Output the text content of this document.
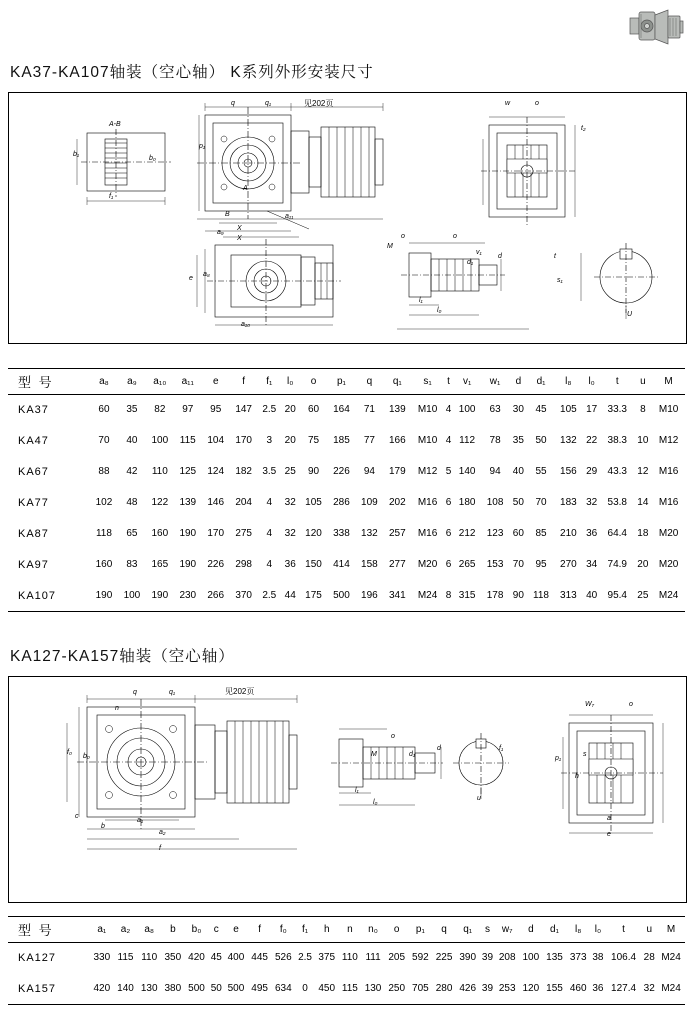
KA37-KA107轴装（空心轴） K系列外形安装尺寸
A-B
q	q₁	见202页	w	o
t₂
p₁
A
B	a₁₁
b₁
f₁
b₀
X
X
e
a₁₀
a₈
a₉
o	o
l₁
l₀
t
U
v₁
s₁
d
d₁
M
型 号	a₈	a₉	a₁₀	a₁₁	e	f	f₁	l₀	o	p₁	q	q₁	s₁	t	v₁	w₁	d	d₁	l₈	l₀	t	u	M
KA37	60	35	82	97	95	147	2.5	20	60	164	71	139	M10	4	100	63	30	45	105	17	33.3	8	M10
KA47	70	40	100	115	104	170	3	20	75	185	77	166	M10	4	112	78	35	50	132	22	38.3	10	M12
KA67	88	42	110	125	124	182	3.5	25	90	226	94	179	M12	5	140	94	40	55	156	29	43.3	12	M16
KA77	102	48	122	139	146	204	4	32	105	286	109	202	M16	6	180	108	50	70	183	32	53.8	14	M16
KA87	118	65	160	190	170	275	4	32	120	338	132	257	M16	6	212	123	60	85	210	36	64.4	18	M20
KA97	160	83	165	190	226	298	4	36	150	414	158	277	M20	6	265	153	70	95	270	34	74.9	20	M20
KA107	190	100	190	230	266	370	2.5	44	175	500	196	341	M24	8	315	178	90	118	313	40	95.4	25	M24
KA127-KA157轴装（空心轴）
q	q₁	见202页
W₇	o
s
o
f₀
b₀
a₁
a₂
f
l₁
l₀
M
d
d₁
u
f₁
p₁
h
e
a
n
c
b
型 号	a₁	a₂	a₈	b	b₀	c	e	f	f₀	f₁	h	n	n₀	o	p₁	q	q₁	s	w₇	d	d₁	l₈	l₀	t	u	M
KA127	330	115	110	350	420	45	400	445	526	2.5	375	110	111	205	592	225	390	39	208	100	135	373	38	106.4	28	M24
KA157	420	140	130	380	500	50	500	495	634	0	450	115	130	250	705	280	426	39	253	120	155	460	36	127.4	32	M24
